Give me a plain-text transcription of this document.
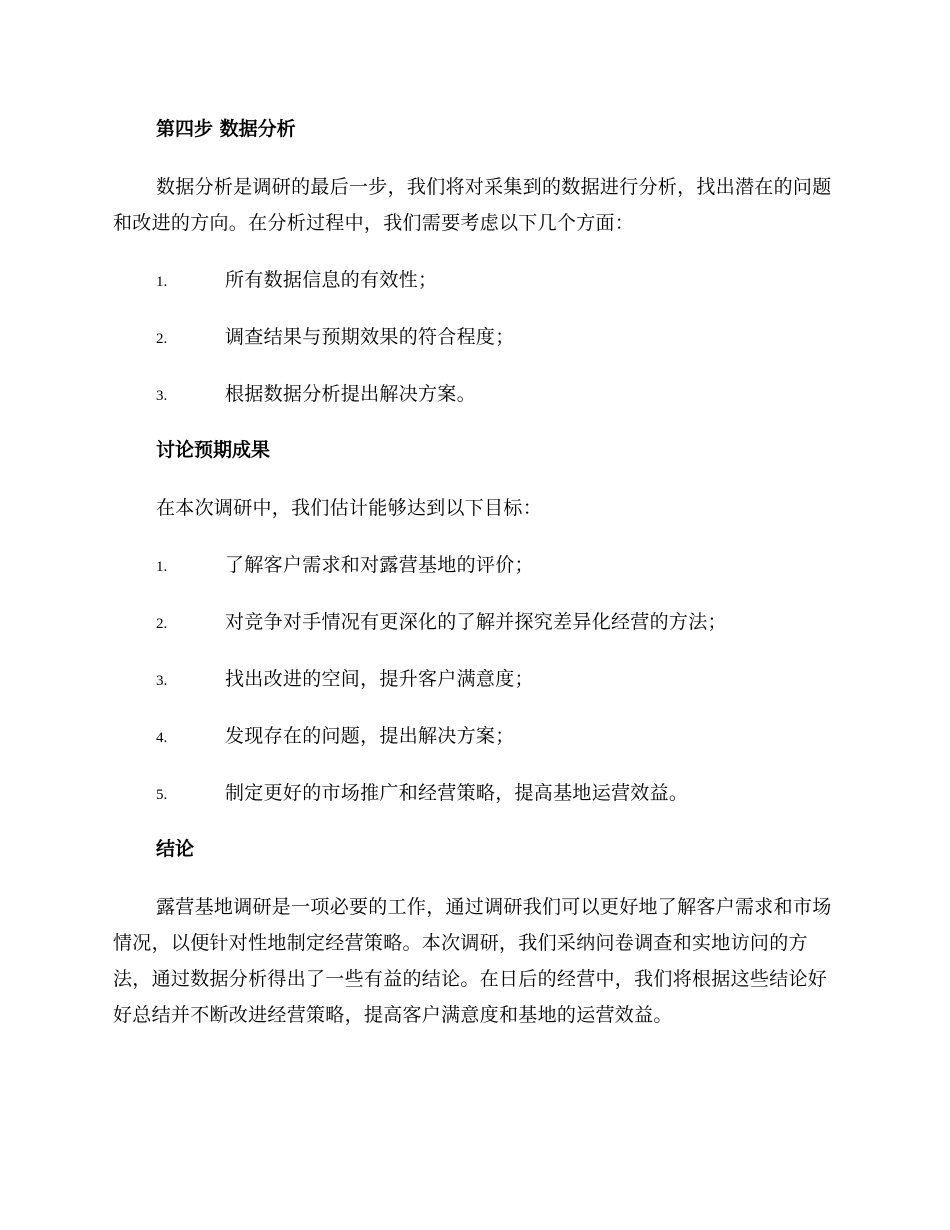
第四步 数据分析

数据分析是调研的最后一步，我们将对采集到的数据进行分析，找出潜在的问题和改进的方向。在分析过程中，我们需要考虑以下几个方面：

1.	所有数据信息的有效性；
2.	调查结果与预期效果的符合程度；
3.	根据数据分析提出解决方案。
讨论预期成果

在本次调研中，我们估计能够达到以下目标：

1.	了解客户需求和对露营基地的评价；
2.	对竞争对手情况有更深化的了解并探究差异化经营的方法；
3.	找出改进的空间，提升客户满意度；
4.	发现存在的问题，提出解决方案；
5.	制定更好的市场推广和经营策略，提高基地运营效益。
结论

露营基地调研是一项必要的工作，通过调研我们可以更好地了解客户需求和市场情况，以便针对性地制定经营策略。本次调研，我们采纳问卷调查和实地访问的方法，通过数据分析得出了一些有益的结论。在日后的经营中，我们将根据这些结论好好总结并不断改进经营策略，提高客户满意度和基地的运营效益。
